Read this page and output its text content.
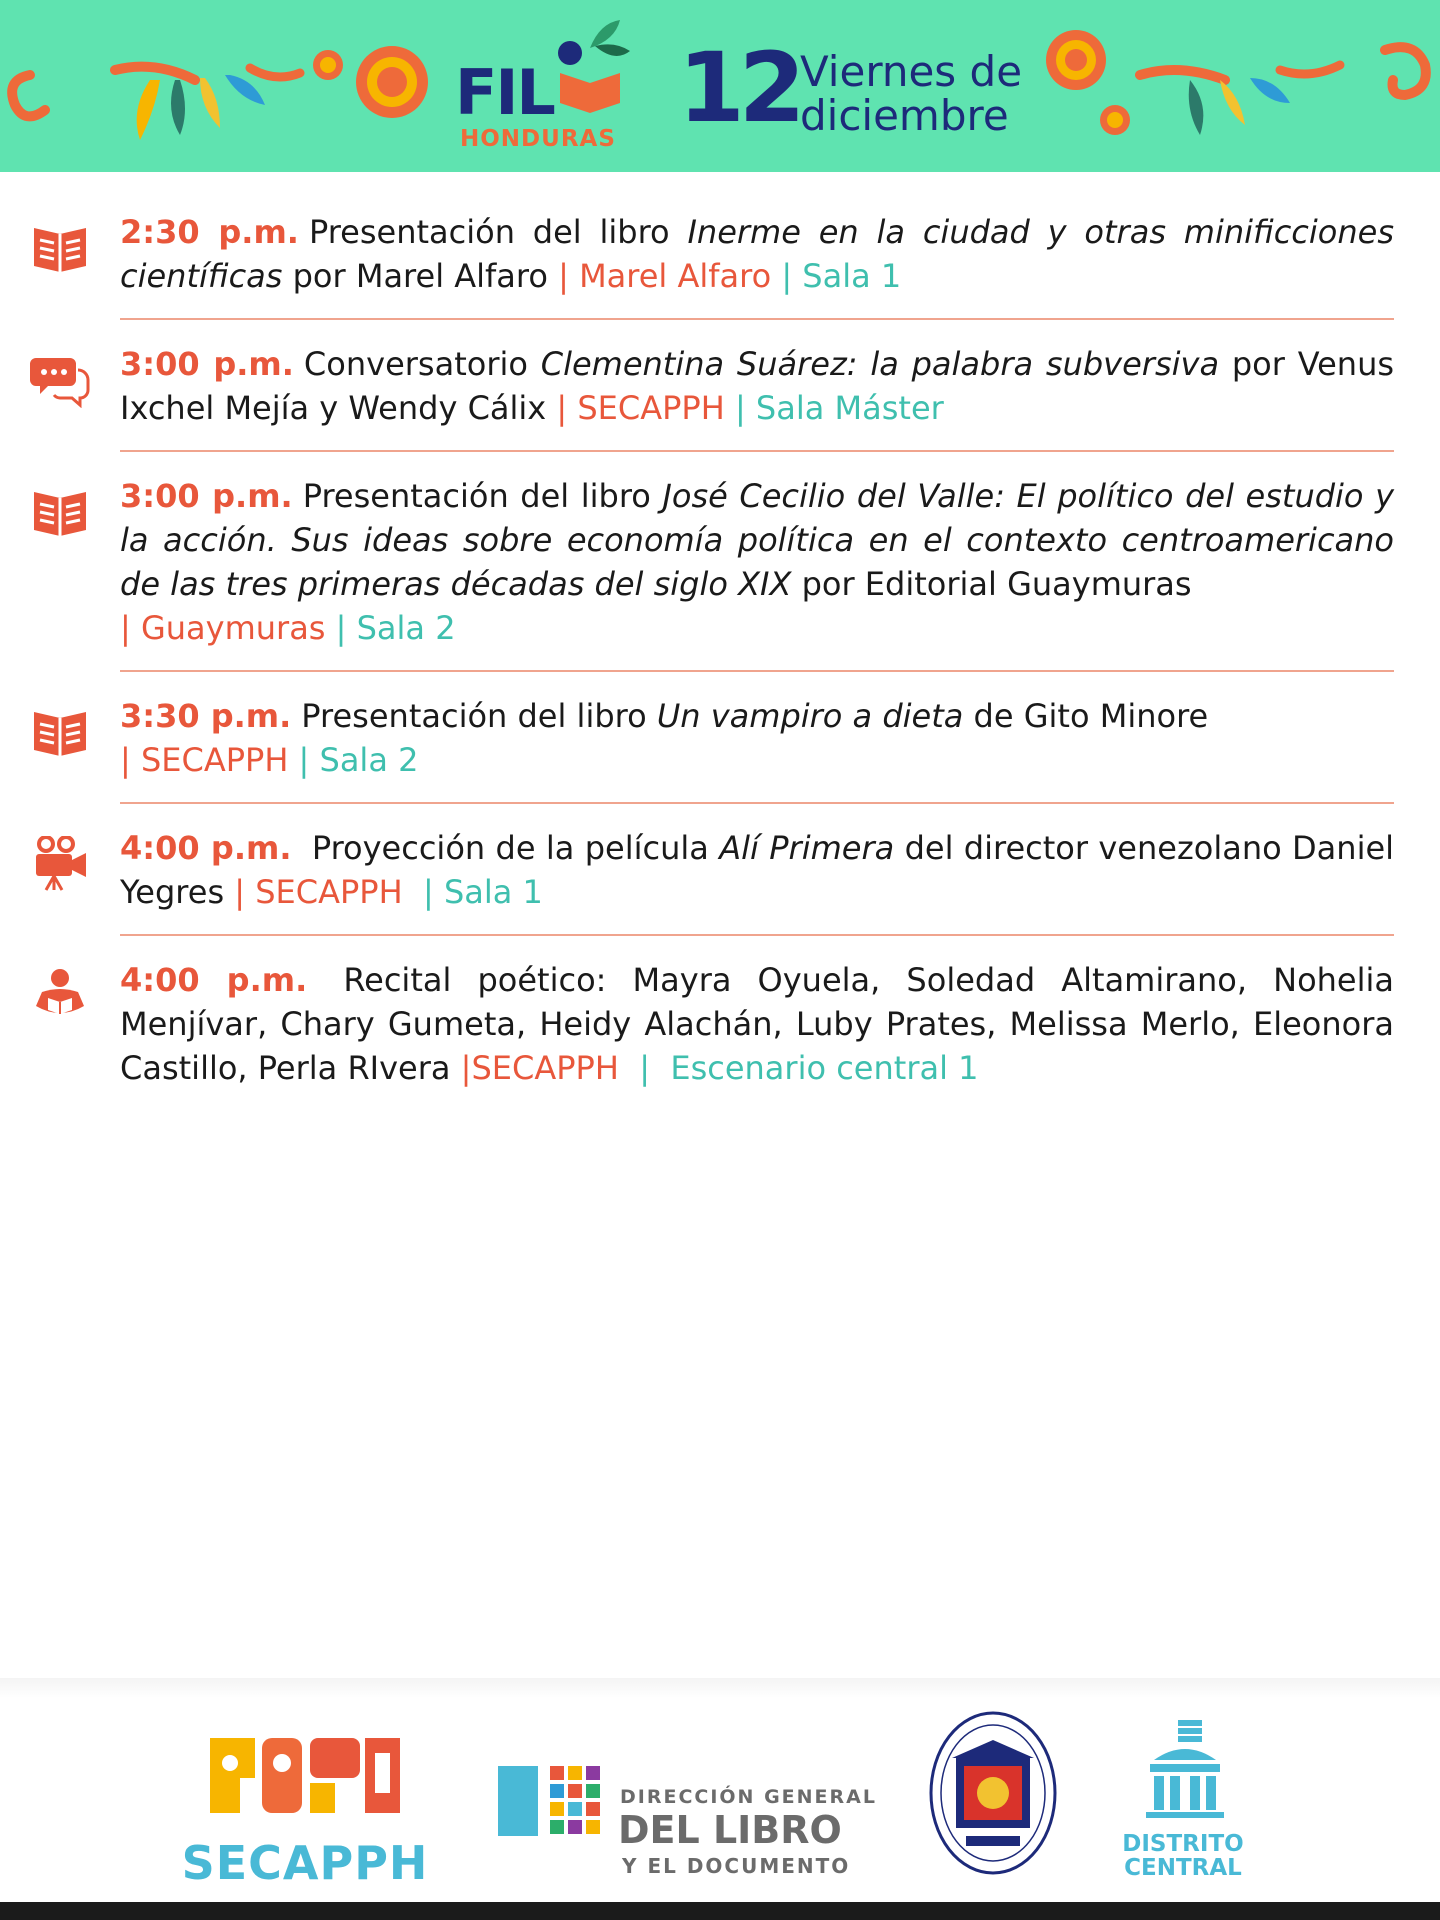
FIL
HONDURAS 12 Viernes de
diciembre
2:30 p.m. Presentación del libro Inerme en la ciudad y otras minificciones científicas por Marel Alfaro | Marel Alfaro | Sala 1
3:00 p.m. Conversatorio Clementina Suárez: la palabra subversiva por Venus Ixchel Mejía y Wendy Cálix | SECAPPH | Sala Máster
3:00 p.m. Presentación del libro José Cecilio del Valle: El político del estudio y la acción. Sus ideas sobre economía política en el contexto centroamericano de las tres primeras décadas del siglo XIX por Editorial Guaymuras
| Guaymuras | Sala 2
3:30 p.m. Presentación del libro Un vampiro a dieta de Gito Minore
| SECAPPH | Sala 2
4:00 p.m. Proyección de la película Alí Primera del director venezolano Daniel Yegres | SECAPPH | Sala 1
4:00 p.m. Recital poético: Mayra Oyuela, Soledad Altamirano, Nohelia Menjívar, Chary Gumeta, Heidy Alachán, Luby Prates, Melissa Merlo, Eleonora Castillo, Perla RIvera |SECAPPH | Escenario central 1
SECAPPH
DIRECCIÓN GENERAL
DEL LIBRO
Y EL DOCUMENTO
DISTRITO
CENTRAL
